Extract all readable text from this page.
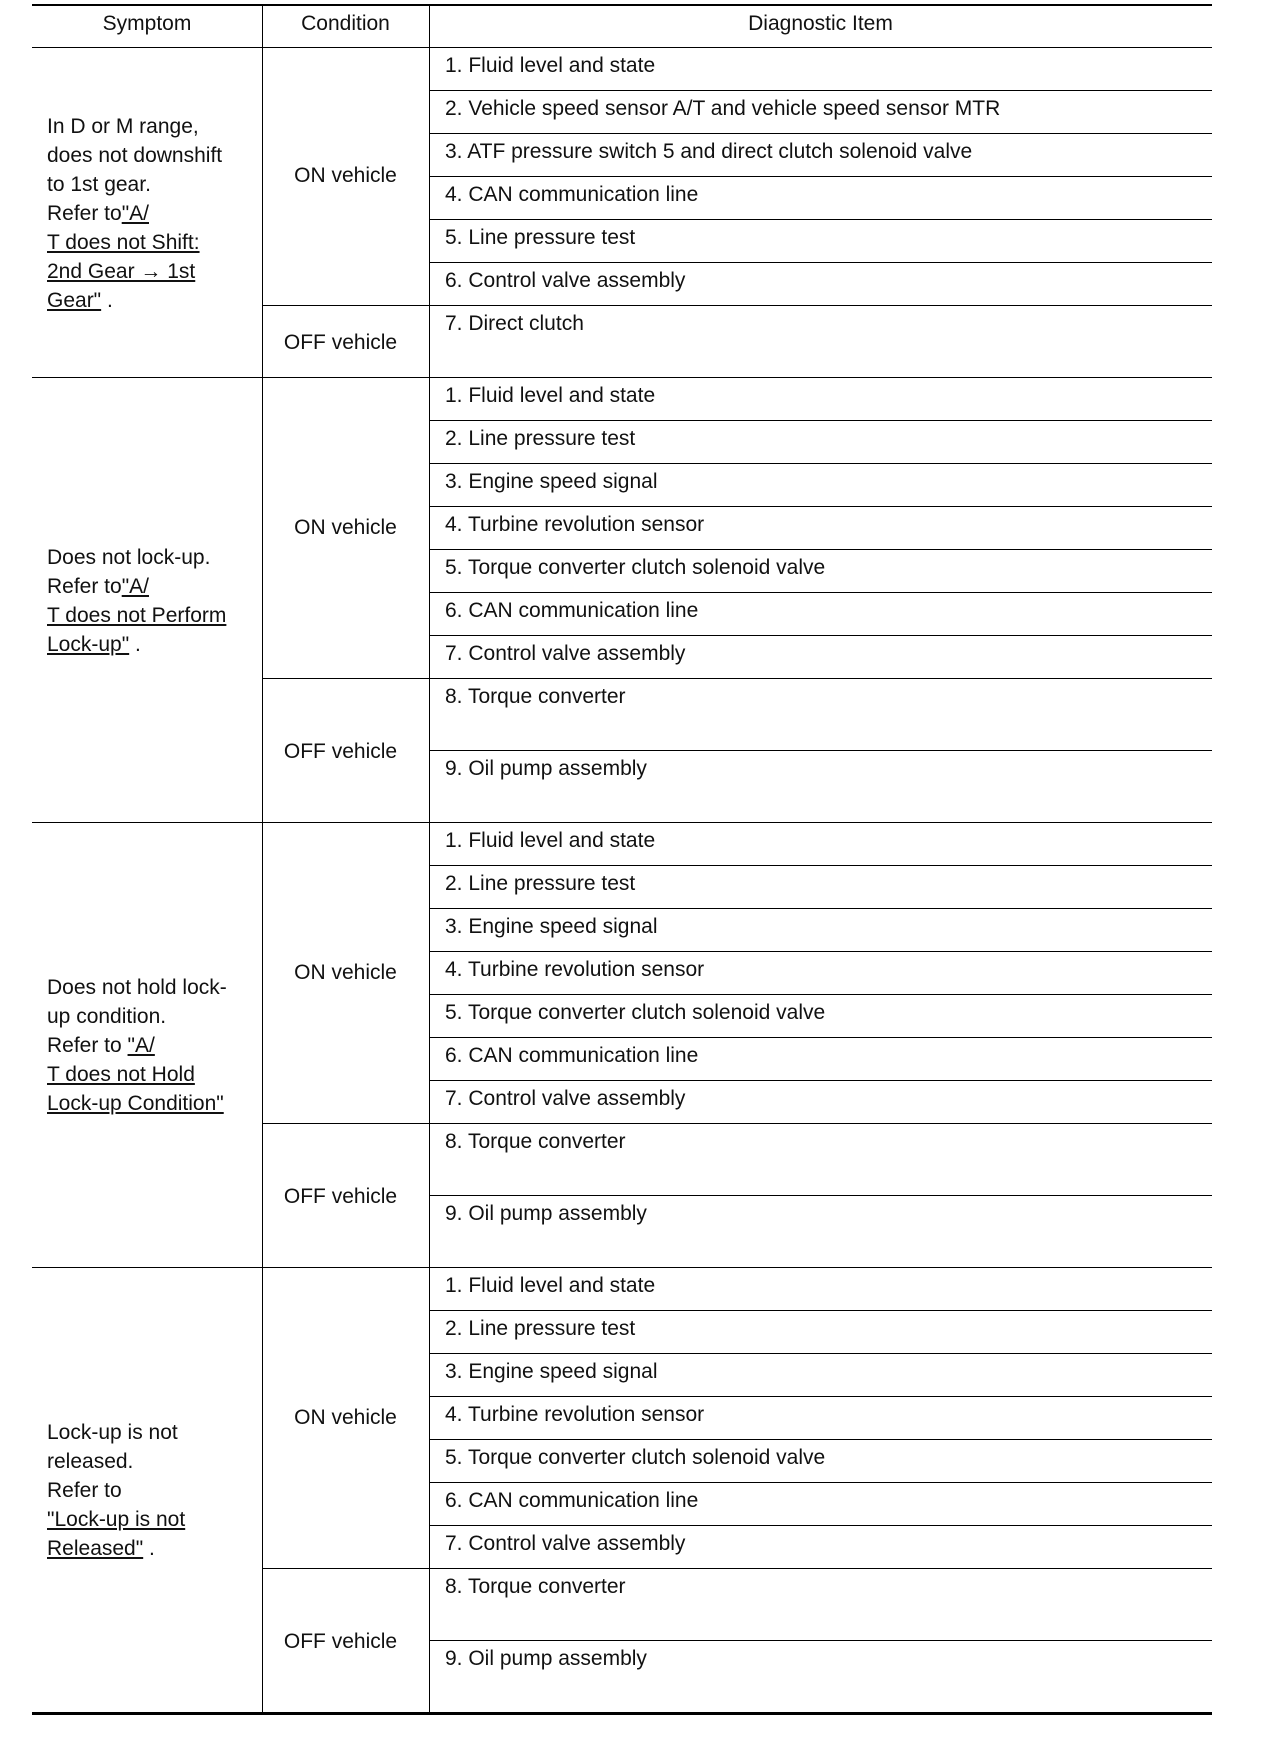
Symptom	Condition	Diagnostic Item
1. Fluid level and state
2. Vehicle speed sensor A/T and vehicle speed sensor MTR
3. ATF pressure switch 5 and direct clutch solenoid valve
4. CAN communication line
5. Line pressure test
6. Control valve assembly
7. Direct clutch
ON vehicle
OFF vehicle
In D or M range,
does not downshift
to 1st gear.
Refer to"A/
T does not Shift:
2nd Gear → 1st
Gear" .
1. Fluid level and state
2. Line pressure test
3. Engine speed signal
4. Turbine revolution sensor
5. Torque converter clutch solenoid valve
6. CAN communication line
7. Control valve assembly
8. Torque converter
9. Oil pump assembly
ON vehicle
OFF vehicle
Does not lock-up.
Refer to"A/
T does not Perform
Lock-up" .
1. Fluid level and state
2. Line pressure test
3. Engine speed signal
4. Turbine revolution sensor
5. Torque converter clutch solenoid valve
6. CAN communication line
7. Control valve assembly
8. Torque converter
9. Oil pump assembly
ON vehicle
OFF vehicle
Does not hold lock-
up condition.
Refer to "A/
T does not Hold
Lock-up Condition"
1. Fluid level and state
2. Line pressure test
3. Engine speed signal
4. Turbine revolution sensor
5. Torque converter clutch solenoid valve
6. CAN communication line
7. Control valve assembly
8. Torque converter
9. Oil pump assembly
ON vehicle
OFF vehicle
Lock-up is not
released.
Refer to
"Lock-up is not
Released" .
